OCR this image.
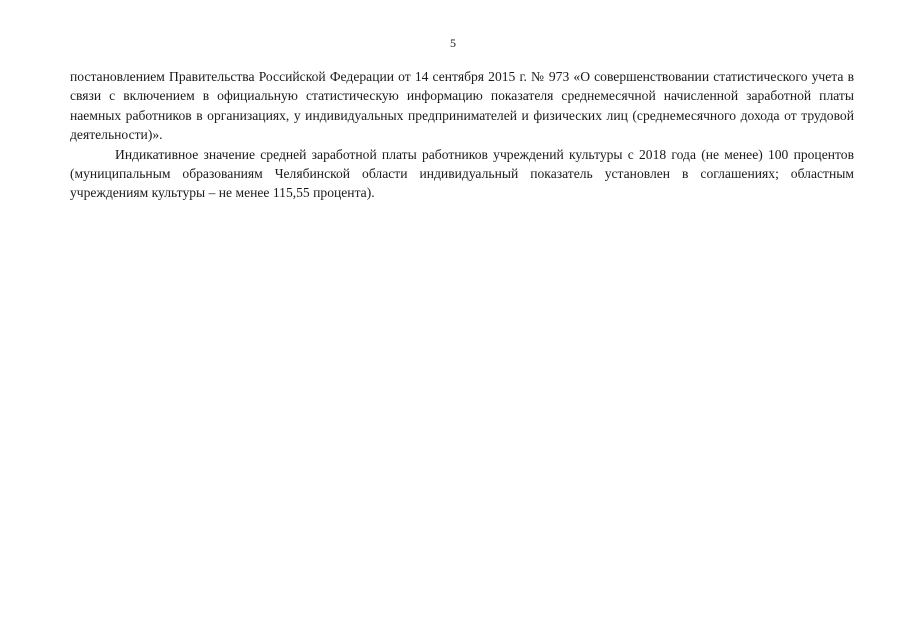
5

постановлением Правительства Российской Федерации от 14 сентября 2015 г. № 973 «О совершенствовании статистического учета в связи с включением в официальную статистическую информацию показателя среднемесячной начисленной заработной платы наемных работников в организациях, у индивидуальных предпринимателей и физических лиц (среднемесячного дохода от трудовой деятельности)».

Индикативное значение средней заработной платы работников учреждений культуры с 2018 года (не менее) 100 процентов (муниципальным образованиям Челябинской области индивидуальный показатель установлен в соглашениях; областным учреждениям культуры – не менее 115,55 процента).
